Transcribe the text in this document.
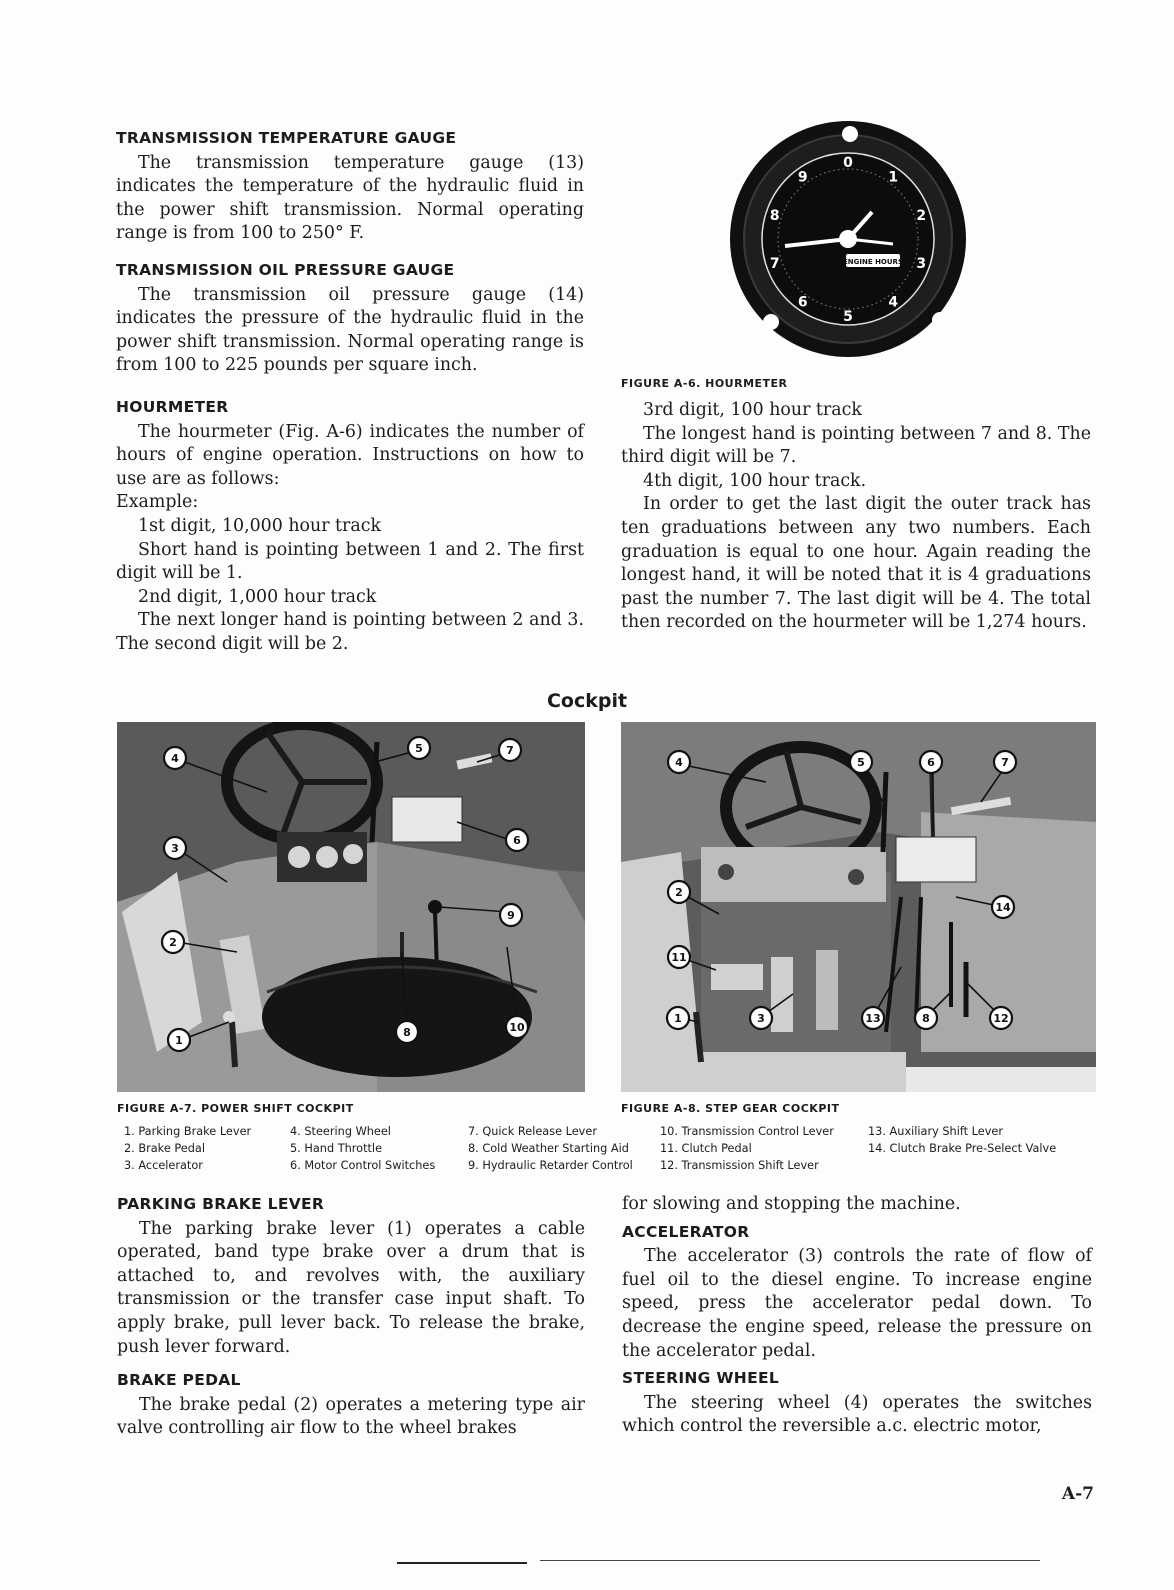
TRANSMISSION TEMPERATURE GAUGE

The transmission temperature gauge (13) indicates the temperature of the hydraulic fluid in the power shift transmission. Normal operating range is from 100 to 250° F.

TRANSMISSION OIL PRESSURE GAUGE

The transmission oil pressure gauge (14) indicates the pressure of the hydraulic fluid in the power shift transmission. Normal operating range is from 100 to 225 pounds per square inch.

HOURMETER

The hourmeter (Fig. A-6) indicates the number of hours of engine operation. Instructions on how to use are as follows:

Example:

1st digit, 10,000 hour track

Short hand is pointing between 1 and 2. The first digit will be 1.

2nd digit, 1,000 hour track

The next longer hand is pointing between 2 and 3. The second digit will be 2.

0
1
2
3
4
5
6
7
8
9
ENGINE HOURS
FIGURE A-6. HOURMETER

3rd digit, 100 hour track

The longest hand is pointing between 7 and 8. The third digit will be 7.

4th digit, 100 hour track.

In order to get the last digit the outer track has ten graduations between any two numbers. Each graduation is equal to one hour. Again reading the longest hand, it will be noted that it is 4 graduations past the number 7. The last digit will be 4. The total then recorded on the hourmeter will be 1,274 hours.

Cockpit
4
5	7
3
6
9
2
8	10
1
4	5	6	7
2
14
11
1	3	13	8	12
FIGURE A-7. POWER SHIFT COCKPIT	FIGURE A-8. STEP GEAR COCKPIT
1. Parking Brake Lever
2. Brake Pedal
3. Accelerator
4. Steering Wheel
5. Hand Throttle
6. Motor Control Switches
7. Quick Release Lever
8. Cold Weather Starting Aid
9. Hydraulic Retarder Control
10. Transmission Control Lever
11. Clutch Pedal
12. Transmission Shift Lever
13. Auxiliary Shift Lever
14. Clutch Brake Pre-Select Valve
PARKING BRAKE LEVER

The parking brake lever (1) operates a cable operated, band type brake over a drum that is attached to, and revolves with, the auxiliary transmission or the transfer case input shaft. To apply brake, pull lever back. To release the brake, push lever forward.

BRAKE PEDAL

The brake pedal (2) operates a metering type air valve controlling air flow to the wheel brakes

for slowing and stopping the machine.

ACCELERATOR

The accelerator (3) controls the rate of flow of fuel oil to the diesel engine. To increase engine speed, press the accelerator pedal down. To decrease the engine speed, release the pressure on the accelerator pedal.

STEERING WHEEL

The steering wheel (4) operates the switches which control the reversible a.c. electric motor,

A-7
